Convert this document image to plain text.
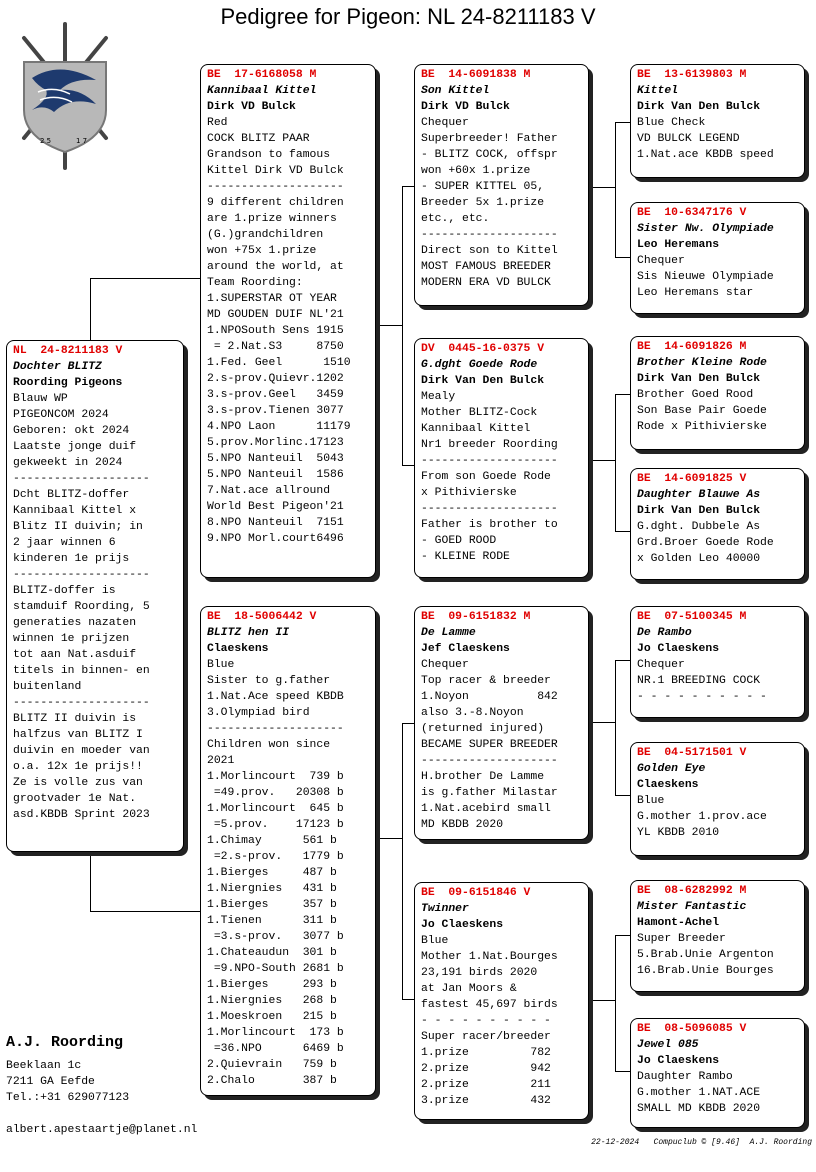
Pedigree for Pigeon: NL 24-8211183 V
2 5	1 7
NL  24-8211183 V
Dochter BLITZ
Roording Pigeons
Blauw WP
PIGEONCOM 2024
Geboren: okt 2024
Laatste jonge duif
gekweekt in 2024
--------------------
Dcht BLITZ-doffer
Kannibaal Kittel x
Blitz II duivin; in
2 jaar winnen 6
kinderen 1e prijs
--------------------
BLITZ-doffer is
stamduif Roording, 5
generaties nazaten
winnen 1e prijzen
tot aan Nat.asduif
titels in binnen- en
buitenland
--------------------
BLITZ II duivin is
halfzus van BLITZ I
duivin en moeder van
o.a. 12x 1e prijs!!
Ze is volle zus van
grootvader 1e Nat.
asd.KBDB Sprint 2023
BE  17-6168058 M
Kannibaal Kittel
Dirk VD Bulck
Red
COCK BLITZ PAAR
Grandson to famous
Kittel Dirk VD Bulck
--------------------
9 different children
are 1.prize winners
(G.)grandchildren
won +75x 1.prize
around the world, at
Team Roording:
1.SUPERSTAR OT YEAR
MD GOUDEN DUIF NL'21
1.NPOSouth Sens 1915
= 2.Nat.S3     8750
1.Fed. Geel      1510
2.s-prov.Quievr.1202
3.s-prov.Geel   3459
3.s-prov.Tienen 3077
4.NPO Laon      11179
5.prov.Morlinc.17123
5.NPO Nanteuil  5043
5.NPO Nanteuil  1586
7.Nat.ace allround
World Best Pigeon'21
8.NPO Nanteuil  7151
9.NPO Morl.court6496
BE  18-5006442 V
BLITZ hen II
Claeskens
Blue
Sister to g.father
1.Nat.Ace speed KBDB
3.Olympiad bird
--------------------
Children won since
2021
1.Morlincourt  739 b
=49.prov.   20308 b
1.Morlincourt  645 b
=5.prov.    17123 b
1.Chimay      561 b
=2.s-prov.   1779 b
1.Bierges     487 b
1.Niergnies   431 b
1.Bierges     357 b
1.Tienen      311 b
=3.s-prov.   3077 b
1.Chateaudun  301 b
=9.NPO-South 2681 b
1.Bierges     293 b
1.Niergnies   268 b
1.Moeskroen   215 b
1.Morlincourt  173 b
=36.NPO      6469 b
2.Quievrain   759 b
2.Chalo       387 b
BE  14-6091838 M
Son Kittel
Dirk VD Bulck
Chequer
Superbreeder! Father
- BLITZ COCK, offspr
won +60x 1.prize
- SUPER KITTEL 05,
Breeder 5x 1.prize
etc., etc.
--------------------
Direct son to Kittel
MOST FAMOUS BREEDER
MODERN ERA VD BULCK
DV  0445-16-0375 V
G.dght Goede Rode
Dirk Van Den Bulck
Mealy
Mother BLITZ-Cock
Kannibaal Kittel
Nr1 breeder Roording
--------------------
From son Goede Rode
x Pithivierske
--------------------
Father is brother to
- GOED ROOD
- KLEINE RODE
BE  09-6151832 M
De Lamme
Jef Claeskens
Chequer
Top racer & breeder
1.Noyon          842
also 3.-8.Noyon
(returned injured)
BECAME SUPER BREEDER
--------------------
H.brother De Lamme
is g.father Milastar
1.Nat.acebird small
MD KBDB 2020
BE  09-6151846 V
Twinner
Jo Claeskens
Blue
Mother 1.Nat.Bourges
23,191 birds 2020
at Jan Moors &
fastest 45,697 birds
- - - - - - - - - -
Super racer/breeder
1.prize         782
2.prize         942
2.prize         211
3.prize         432
BE  13-6139803 M
Kittel
Dirk Van Den Bulck
Blue Check
VD BULCK LEGEND
1.Nat.ace KBDB speed
BE  10-6347176 V
Sister Nw. Olympiade
Leo Heremans
Chequer
Sis Nieuwe Olympiade
Leo Heremans star
BE  14-6091826 M
Brother Kleine Rode
Dirk Van Den Bulck
Brother Goed Rood
Son Base Pair Goede
Rode x Pithivierske
BE  14-6091825 V
Daughter Blauwe As
Dirk Van Den Bulck
G.dght. Dubbele As
Grd.Broer Goede Rode
x Golden Leo 40000
BE  07-5100345 M
De Rambo
Jo Claeskens
Chequer
NR.1 BREEDING COCK
- - - - - - - - - -
BE  04-5171501 V
Golden Eye
Claeskens
Blue
G.mother 1.prov.ace
YL KBDB 2010
BE  08-6282992 M
Mister Fantastic
Hamont-Achel
Super Breeder
5.Brab.Unie Argenton
16.Brab.Unie Bourges
BE  08-5096085 V
Jewel 085
Jo Claeskens
Daughter Rambo
G.mother 1.NAT.ACE
SMALL MD KBDB 2020
A.J. Roording
Beeklaan 1c
7211 GA Eefde
Tel.:+31 629077123
albert.apestaartje@planet.nl
22-12-2024 Compuclub © [9.46] A.J. Roording
